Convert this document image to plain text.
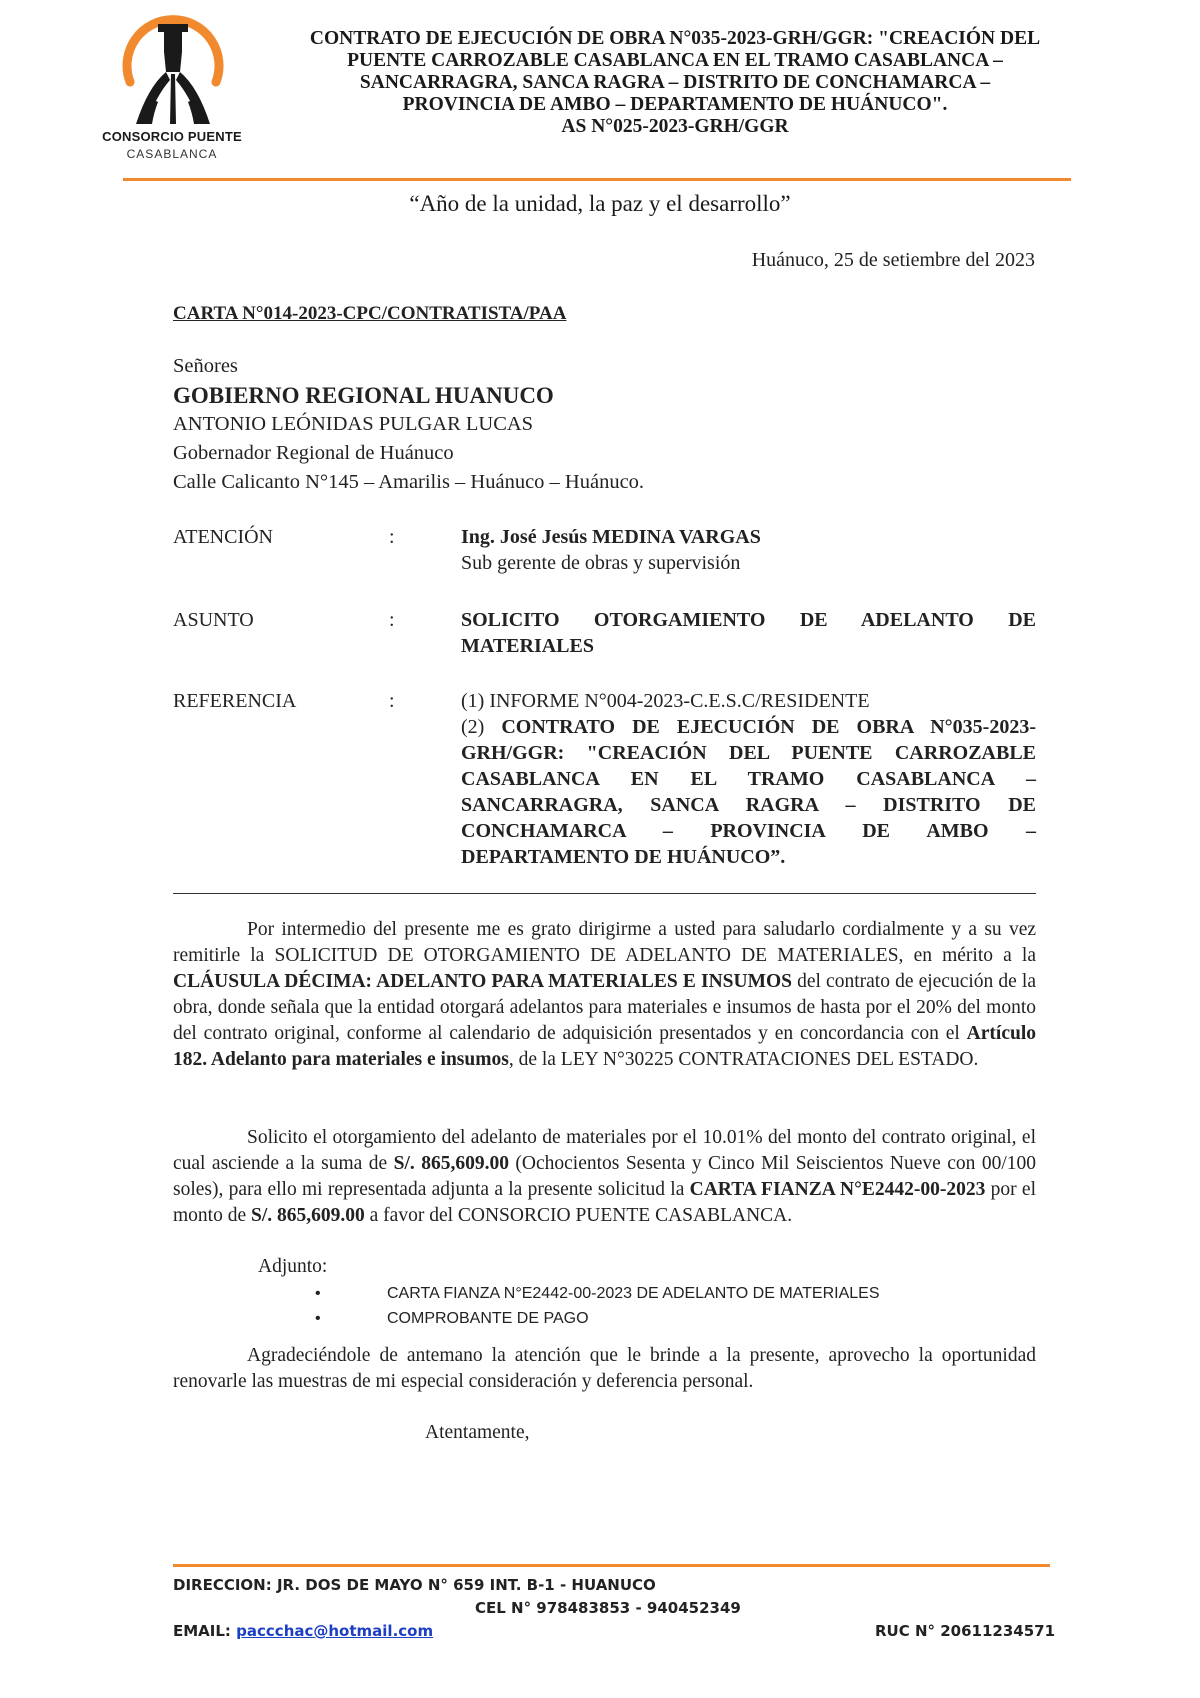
CONSORCIO PUENTE
CASABLANCA
CONTRATO DE EJECUCIÓN DE OBRA N°035-2023-GRH/GGR: "CREACIÓN DEL
PUENTE CARROZABLE CASABLANCA EN EL TRAMO CASABLANCA –
SANCARRAGRA, SANCA RAGRA – DISTRITO DE CONCHAMARCA –
PROVINCIA DE AMBO – DEPARTAMENTO DE HUÁNUCO".
AS N°025-2023-GRH/GGR
“Año de la unidad, la paz y el desarrollo”
Huánuco, 25 de setiembre del 2023
CARTA N°014-2023-CPC/CONTRATISTA/PAA
Señores
GOBIERNO REGIONAL HUANUCO
ANTONIO LEÓNIDAS PULGAR LUCAS
Gobernador Regional de Huánuco
Calle Calicanto N°145 – Amarilis – Huánuco – Huánuco.
ATENCIÓN	:	Ing. José Jesús MEDINA VARGAS
Sub gerente de obras y supervisión
ASUNTO	:	SOLICITO OTORGAMIENTO DE ADELANTO DE
MATERIALES
REFERENCIA	:	(1) INFORME N°004-2023-C.E.S.C/RESIDENTE
(2) CONTRATO DE EJECUCIÓN DE OBRA N°035-2023-
GRH/GGR: "CREACIÓN DEL PUENTE CARROZABLE
CASABLANCA EN EL TRAMO CASABLANCA –
SANCARRAGRA, SANCA RAGRA – DISTRITO DE
CONCHAMARCA – PROVINCIA DE AMBO –
DEPARTAMENTO DE HUÁNUCO”.
Por intermedio del presente me es grato dirigirme a usted para saludarlo cordialmente y a su vez remitirle la SOLICITUD DE OTORGAMIENTO DE ADELANTO DE MATERIALES, en mérito a la CLÁUSULA DÉCIMA: ADELANTO PARA MATERIALES E INSUMOS del contrato de ejecución de la obra, donde señala que la entidad otorgará adelantos para materiales e insumos de hasta por el 20% del monto del contrato original, conforme al calendario de adquisición presentados y en concordancia con el Artículo 182. Adelanto para materiales e insumos, de la LEY N°30225 CONTRATACIONES DEL ESTADO.
Solicito el otorgamiento del adelanto de materiales por el 10.01% del monto del contrato original, el cual asciende a la suma de S/. 865,609.00 (Ochocientos Sesenta y Cinco Mil Seiscientos Nueve con 00/100 soles), para ello mi representada adjunta a la presente solicitud la CARTA FIANZA N°E2442-00-2023 por el monto de S/. 865,609.00 a favor del CONSORCIO PUENTE CASABLANCA.
Adjunto:
• CARTA FIANZA N°E2442-00-2023 DE ADELANTO DE MATERIALES
• COMPROBANTE DE PAGO
Agradeciéndole de antemano la atención que le brinde a la presente, aprovecho la oportunidad renovarle las muestras de mi especial consideración y deferencia personal.
Atentamente,
DIRECCION: JR. DOS DE MAYO N° 659 INT. B-1 - HUANUCO
CEL N° 978483853 - 940452349
EMAIL: paccchac@hotmail.com	RUC N° 20611234571
